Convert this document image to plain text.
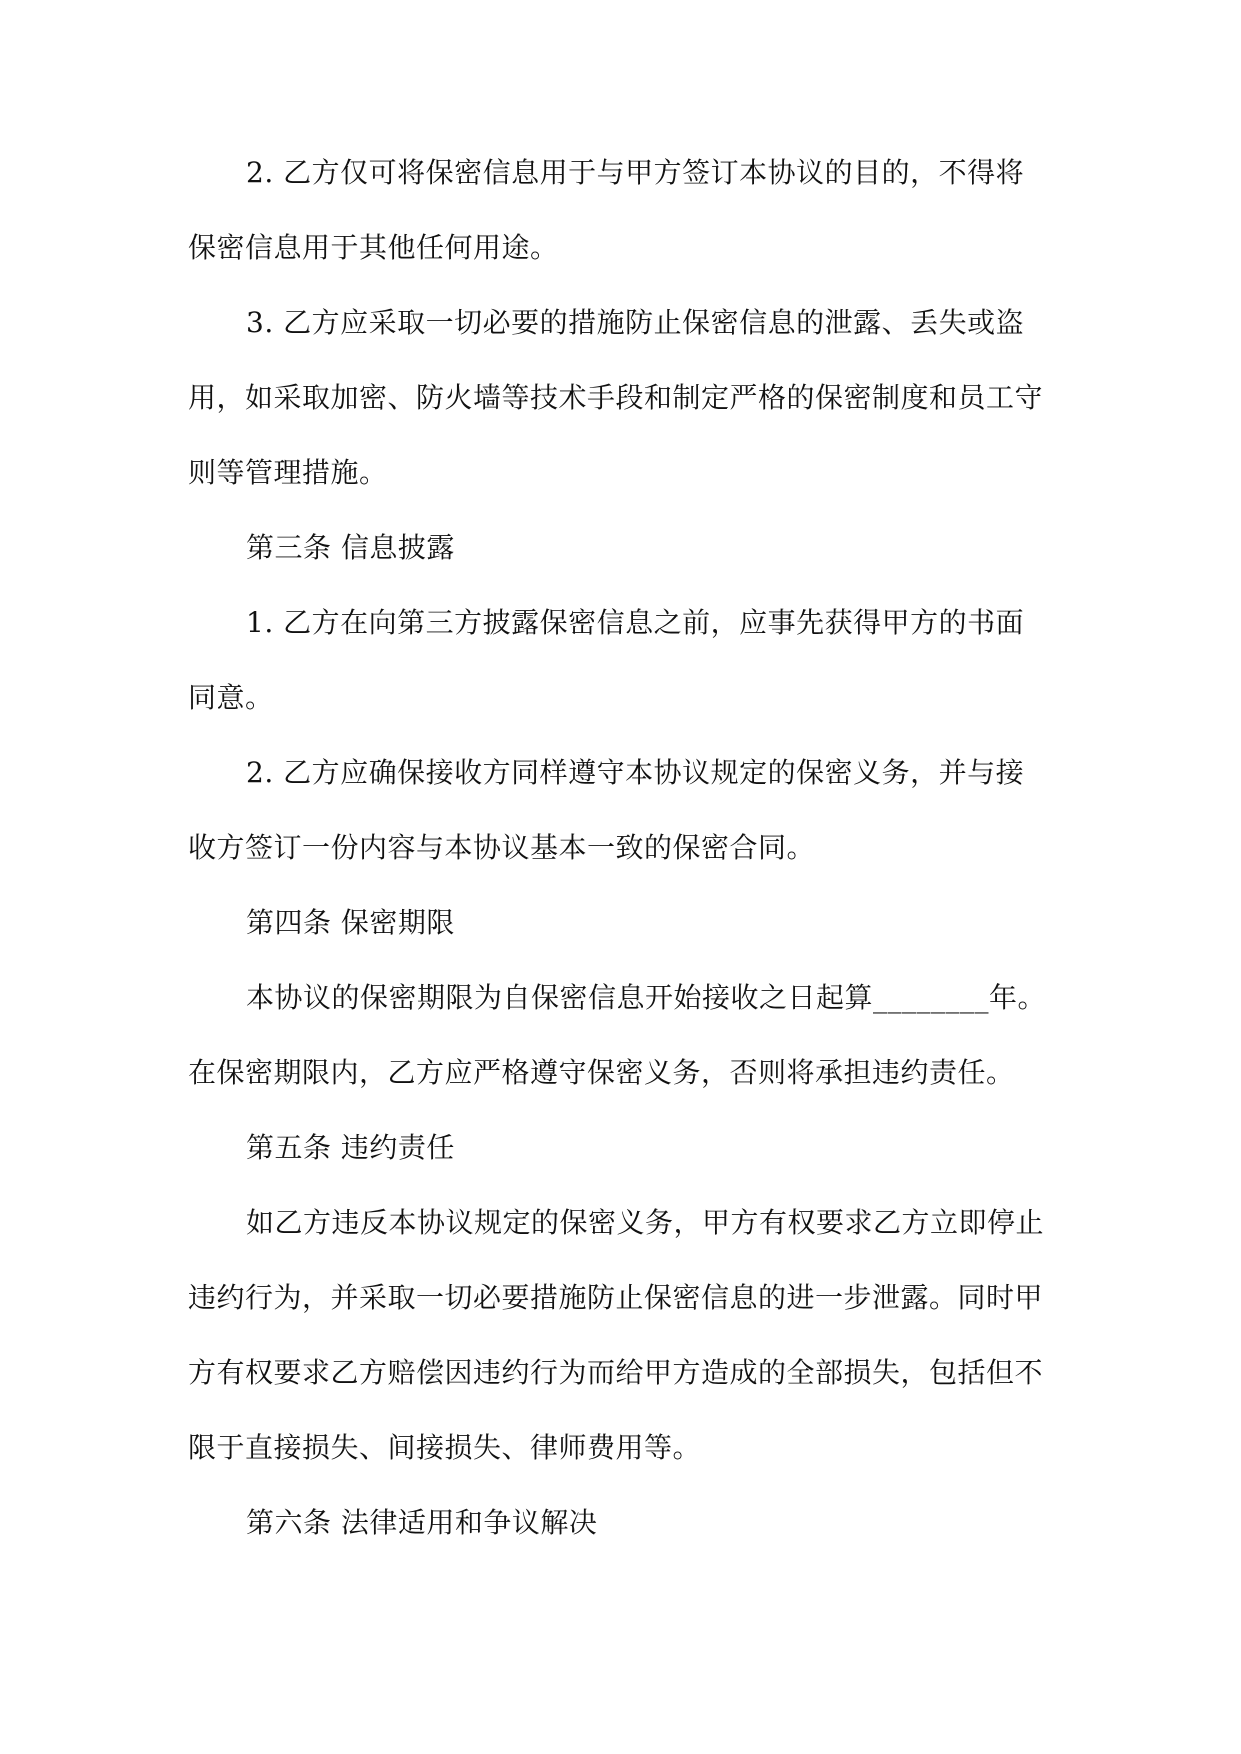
2. 乙方仅可将保密信息用于与甲方签订本协议的目的，不得将
保密信息用于其他任何用途。
3. 乙方应采取一切必要的措施防止保密信息的泄露、丢失或盗
用，如采取加密、防火墙等技术手段和制定严格的保密制度和员工守
则等管理措施。
第三条 信息披露
1. 乙方在向第三方披露保密信息之前，应事先获得甲方的书面
同意。
2. 乙方应确保接收方同样遵守本协议规定的保密义务，并与接
收方签订一份内容与本协议基本一致的保密合同。
第四条 保密期限
本协议的保密期限为自保密信息开始接收之日起算________年。
在保密期限内，乙方应严格遵守保密义务，否则将承担违约责任。
第五条 违约责任
如乙方违反本协议规定的保密义务，甲方有权要求乙方立即停止
违约行为，并采取一切必要措施防止保密信息的进一步泄露。同时甲
方有权要求乙方赔偿因违约行为而给甲方造成的全部损失，包括但不
限于直接损失、间接损失、律师费用等。
第六条 法律适用和争议解决
